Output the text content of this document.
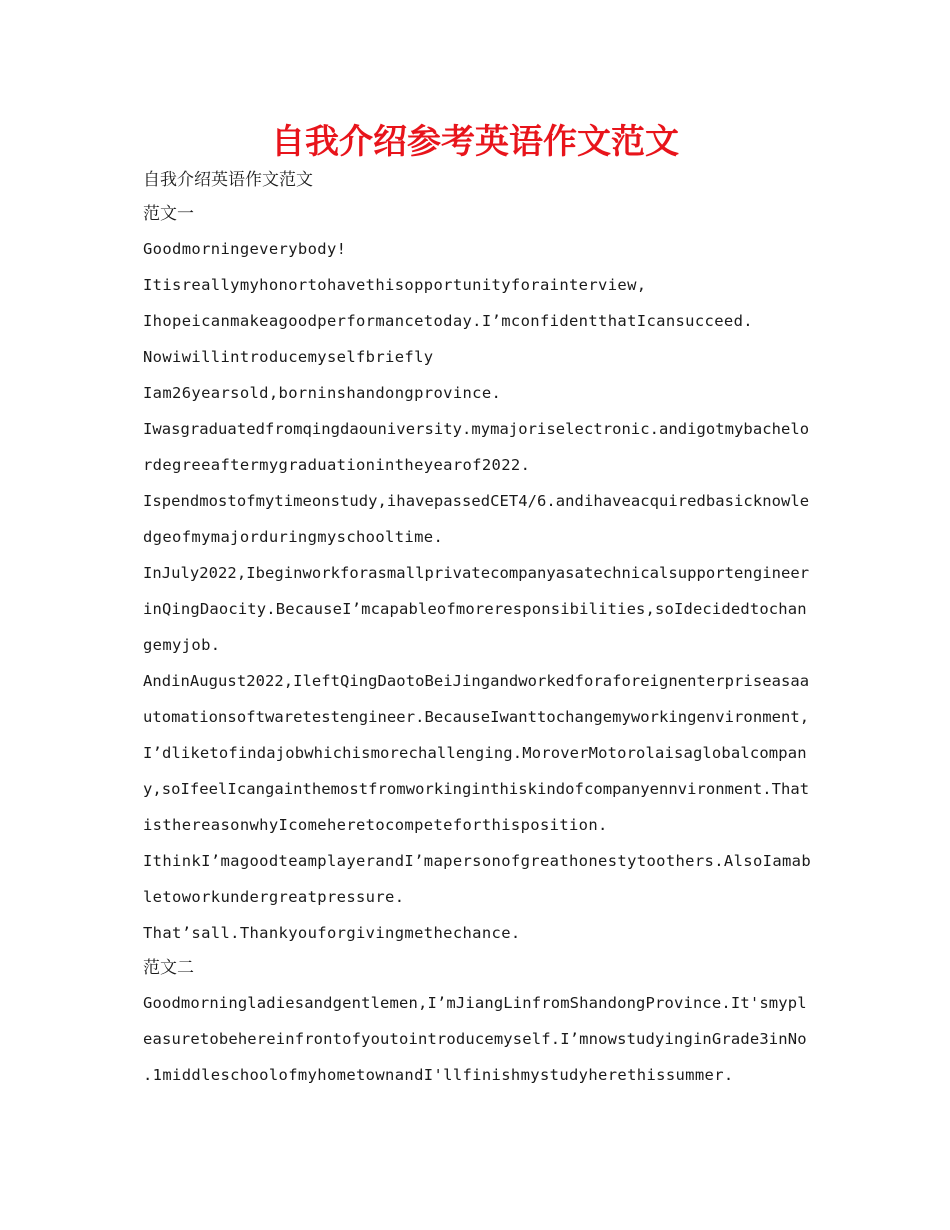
自我介绍参考英语作文范文
自我介绍英语作文范文
范文一
Goodmorningeverybody!
Itisreallymyhonortohavethisopportunityforainterview,
Ihopeicanmakeagoodperformancetoday.I’mconfidentthatIcansucceed.
Nowiwillintroducemyselfbriefly
Iam26yearsold,borninshandongprovince.
Iwasgraduatedfromqingdaouniversity.mymajoriselectronic.andigotmybachelo
rdegreeaftermygraduationintheyearof2022.
Ispendmostofmytimeonstudy,ihavepassedCET4/6.andihaveacquiredbasicknowle
dgeofmymajorduringmyschooltime.
InJuly2022,Ibeginworkforasmallprivatecompanyasatechnicalsupportengineer
inQingDaocity.BecauseI’mcapableofmoreresponsibilities,soIdecidedtochan
gemyjob.
AndinAugust2022,IleftQingDaotoBeiJingandworkedforaforeignenterpriseasaa
utomationsoftwaretestengineer.BecauseIwanttochangemyworkingenvironment,
I’dliketofindajobwhichismorechallenging.MoroverMotorolaisaglobalcompan
y,soIfeelIcangainthemostfromworkinginthiskindofcompanyennvironment.That
isthereasonwhyIcomeheretocompeteforthisposition.
IthinkI’magoodteamplayerandI’mapersonofgreathonestytoothers.AlsoIamab
letoworkundergreatpressure.
That’sall.Thankyouforgivingmethechance.
范文二
Goodmorningladiesandgentlemen,I’mJiangLinfromShandongProvince.It'smypl
easuretobehereinfrontofyoutointroducemyself.I’mnowstudyinginGrade3inNo
.1middleschoolofmyhometownandI'llfinishmystudyherethissummer.
